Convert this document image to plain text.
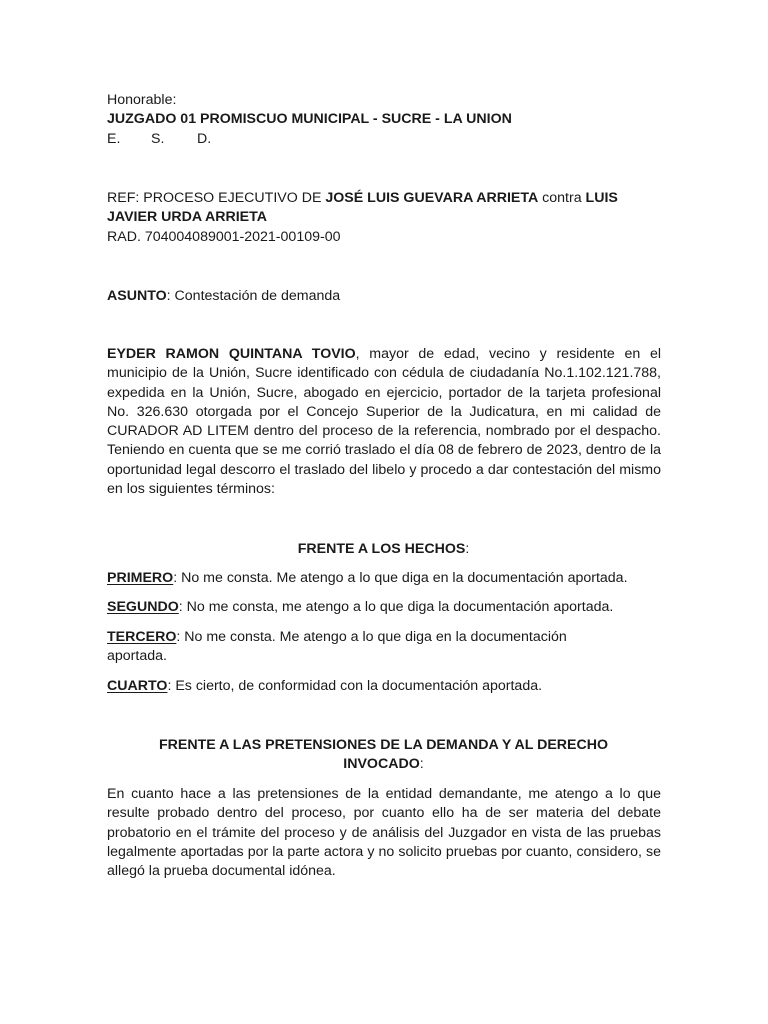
Honorable:
JUZGADO 01 PROMISCUO MUNICIPAL - SUCRE - LA UNION
E. S. D.
REF: PROCESO EJECUTIVO DE JOSÉ LUIS GUEVARA ARRIETA contra LUIS
JAVIER URDA ARRIETA
RAD. 704004089001-2021-00109-00
ASUNTO: Contestación de demanda
EYDER RAMON QUINTANA TOVIO, mayor de edad, vecino y residente en el municipio de la Unión, Sucre identificado con cédula de ciudadanía No.1.102.121.788, expedida en la Unión, Sucre, abogado en ejercicio, portador de la tarjeta profesional No. 326.630 otorgada por el Concejo Superior de la Judicatura, en mi calidad de CURADOR AD LITEM dentro del proceso de la referencia, nombrado por el despacho. Teniendo en cuenta que se me corrió traslado el día 08 de febrero de 2023, dentro de la oportunidad legal descorro el traslado del libelo y procedo a dar contestación del mismo en los siguientes términos:
FRENTE A LOS HECHOS:
PRIMERO: No me consta. Me atengo a lo que diga en la documentación aportada.
SEGUNDO: No me consta, me atengo a lo que diga la documentación aportada.
TERCERO: No me consta. Me atengo a lo que diga en la documentación
aportada.
CUARTO: Es cierto, de conformidad con la documentación aportada.
FRENTE A LAS PRETENSIONES DE LA DEMANDA Y AL DERECHO
INVOCADO:
En cuanto hace a las pretensiones de la entidad demandante, me atengo a lo que resulte probado dentro del proceso, por cuanto ello ha de ser materia del debate probatorio en el trámite del proceso y de análisis del Juzgador en vista de las pruebas legalmente aportadas por la parte actora y no solicito pruebas por cuanto, considero, se allegó la prueba documental idónea.
